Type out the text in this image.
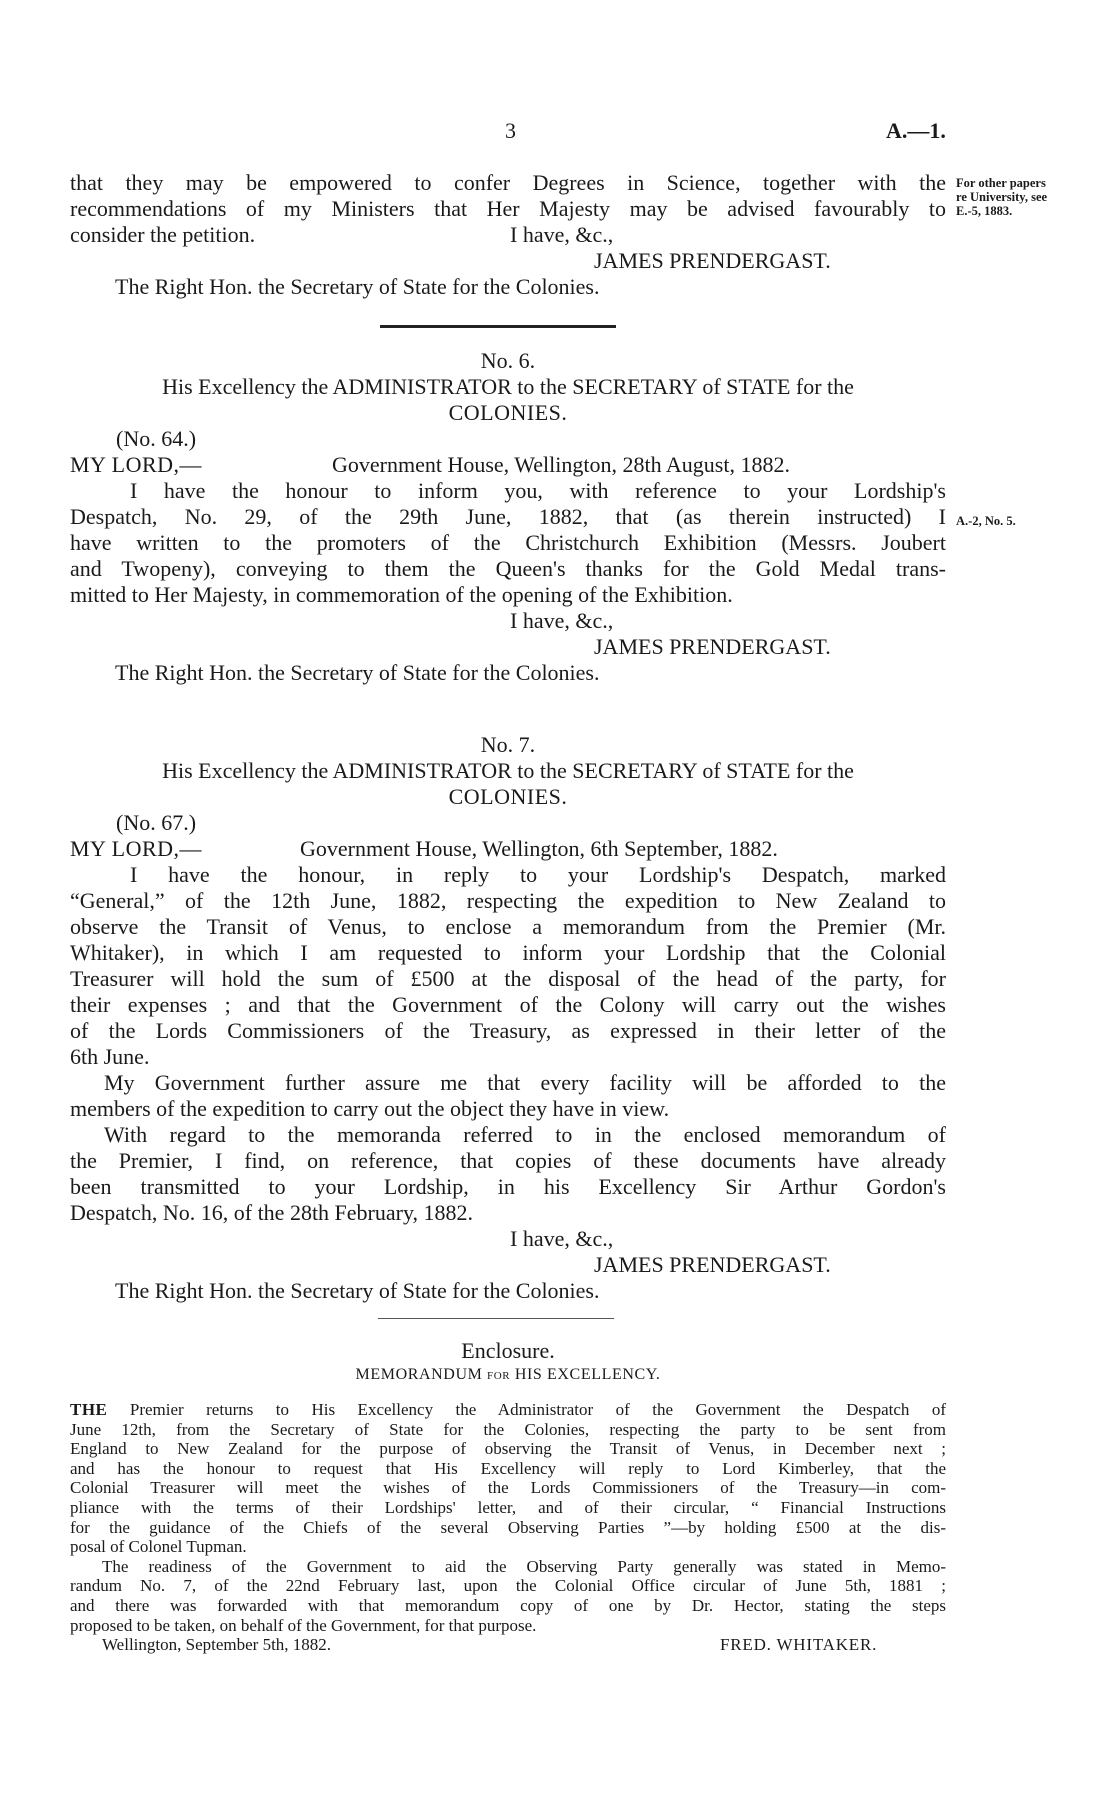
3	A.—1.
that they may be empowered to confer Degrees in Science, together with the
recommendations of my Ministers that Her Majesty may be advised favourably to
consider the petition.	I have, &c.,
JAMES PRENDERGAST.
The Right Hon. the Secretary of State for the Colonies.
For other papers
re University, see
E.-5, 1883.
No. 6.
His Excellency the ADMINISTRATOR to the SECRETARY of STATE for the
COLONIES.
(No. 64.)
MY LORD,—	Government House, Wellington, 28th August, 1882.
I have the honour to inform you, with reference to your Lordship's
Despatch, No. 29, of the 29th June, 1882, that (as therein instructed) I
have written to the promoters of the Christchurch Exhibition (Messrs. Joubert
and Twopeny), conveying to them the Queen's thanks for the Gold Medal trans-
mitted to Her Majesty, in commemoration of the opening of the Exhibition.
I have, &c.,
JAMES PRENDERGAST.
The Right Hon. the Secretary of State for the Colonies.
A.-2, No. 5.
No. 7.
His Excellency the ADMINISTRATOR to the SECRETARY of STATE for the
COLONIES.
(No. 67.)
MY LORD,—	Government House, Wellington, 6th September, 1882.
I have the honour, in reply to your Lordship's Despatch, marked
“General,” of the 12th June, 1882, respecting the expedition to New Zealand to
observe the Transit of Venus, to enclose a memorandum from the Premier (Mr.
Whitaker), in which I am requested to inform your Lordship that the Colonial
Treasurer will hold the sum of £500 at the disposal of the head of the party, for
their expenses ; and that the Government of the Colony will carry out the wishes
of the Lords Commissioners of the Treasury, as expressed in their letter of the
6th June.
My Government further assure me that every facility will be afforded to the
members of the expedition to carry out the object they have in view.
With regard to the memoranda referred to in the enclosed memorandum of
the Premier, I find, on reference, that copies of these documents have already
been transmitted to your Lordship, in his Excellency Sir Arthur Gordon's
Despatch, No. 16, of the 28th February, 1882.
I have, &c.,
JAMES PRENDERGAST.
The Right Hon. the Secretary of State for the Colonies.
Enclosure.
MEMORANDUM for HIS EXCELLENCY.
THE Premier returns to His Excellency the Administrator of the Government the Despatch of
June 12th, from the Secretary of State for the Colonies, respecting the party to be sent from
England to New Zealand for the purpose of observing the Transit of Venus, in December next ;
and has the honour to request that His Excellency will reply to Lord Kimberley, that the
Colonial Treasurer will meet the wishes of the Lords Commissioners of the Treasury—in com-
pliance with the terms of their Lordships' letter, and of their circular, “ Financial Instructions
for the guidance of the Chiefs of the several Observing Parties ”—by holding £500 at the dis-
posal of Colonel Tupman.
The readiness of the Government to aid the Observing Party generally was stated in Memo-
randum No. 7, of the 22nd February last, upon the Colonial Office circular of June 5th, 1881 ;
and there was forwarded with that memorandum copy of one by Dr. Hector, stating the steps
proposed to be taken, on behalf of the Government, for that purpose.
Wellington, September 5th, 1882.	FRED. WHITAKER.
